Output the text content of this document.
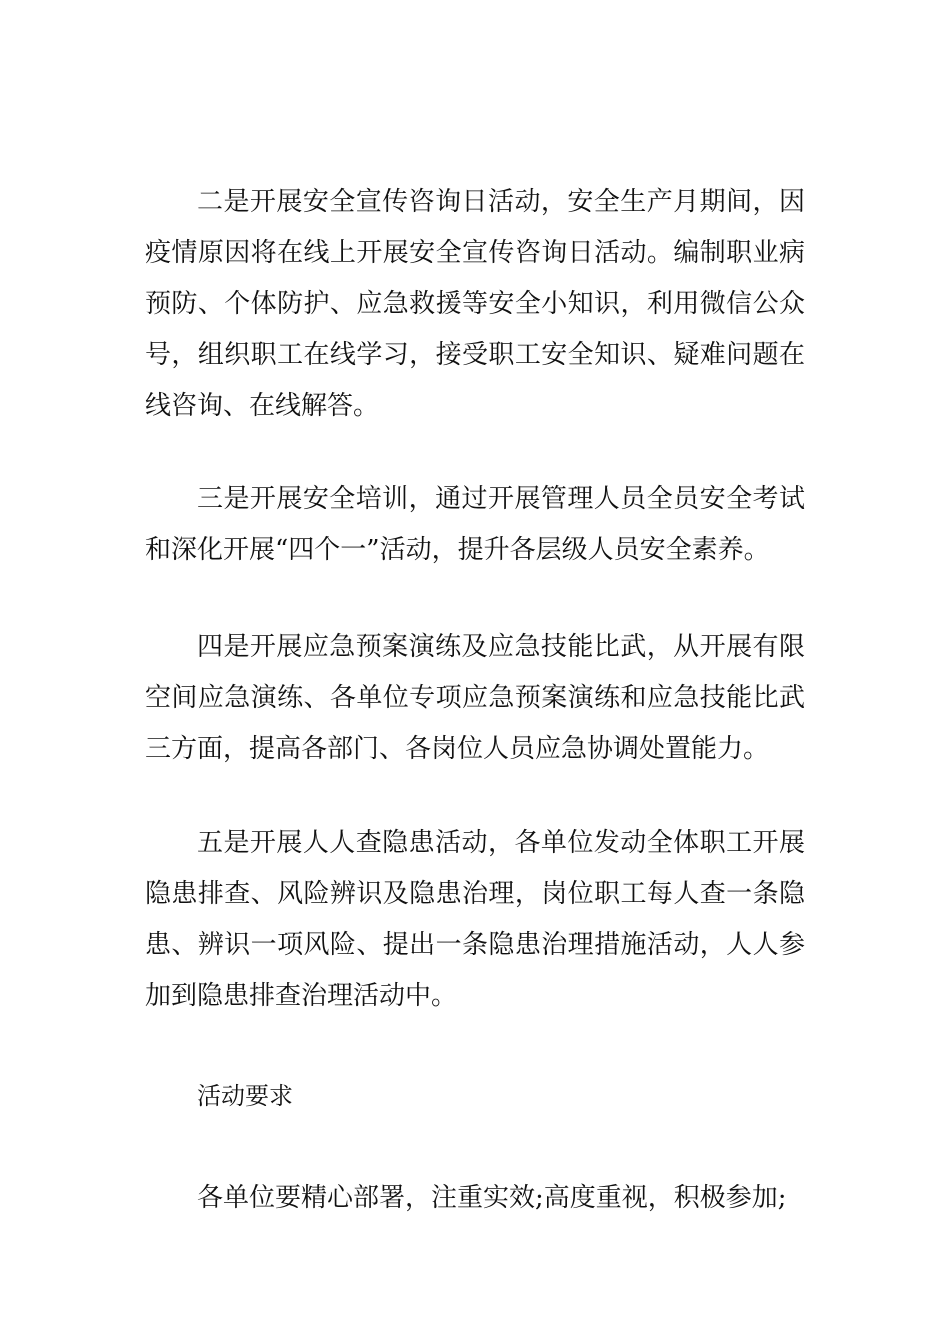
二是开展安全宣传咨询日活动，安全生产月期间，因疫情原因将在线上开展安全宣传咨询日活动。编制职业病预防、个体防护、应急救援等安全小知识，利用微信公众号，组织职工在线学习，接受职工安全知识、疑难问题在线咨询、在线解答。

三是开展安全培训，通过开展管理人员全员安全考试和深化开展“四个一”活动，提升各层级人员安全素养。

四是开展应急预案演练及应急技能比武，从开展有限空间应急演练、各单位专项应急预案演练和应急技能比武三方面，提高各部门、各岗位人员应急协调处置能力。

五是开展人人查隐患活动，各单位发动全体职工开展隐患排查、风险辨识及隐患治理，岗位职工每人查一条隐患、辨识一项风险、提出一条隐患治理措施活动，人人参加到隐患排查治理活动中。

活动要求

各单位要精心部署，注重实效;高度重视，积极参加;
